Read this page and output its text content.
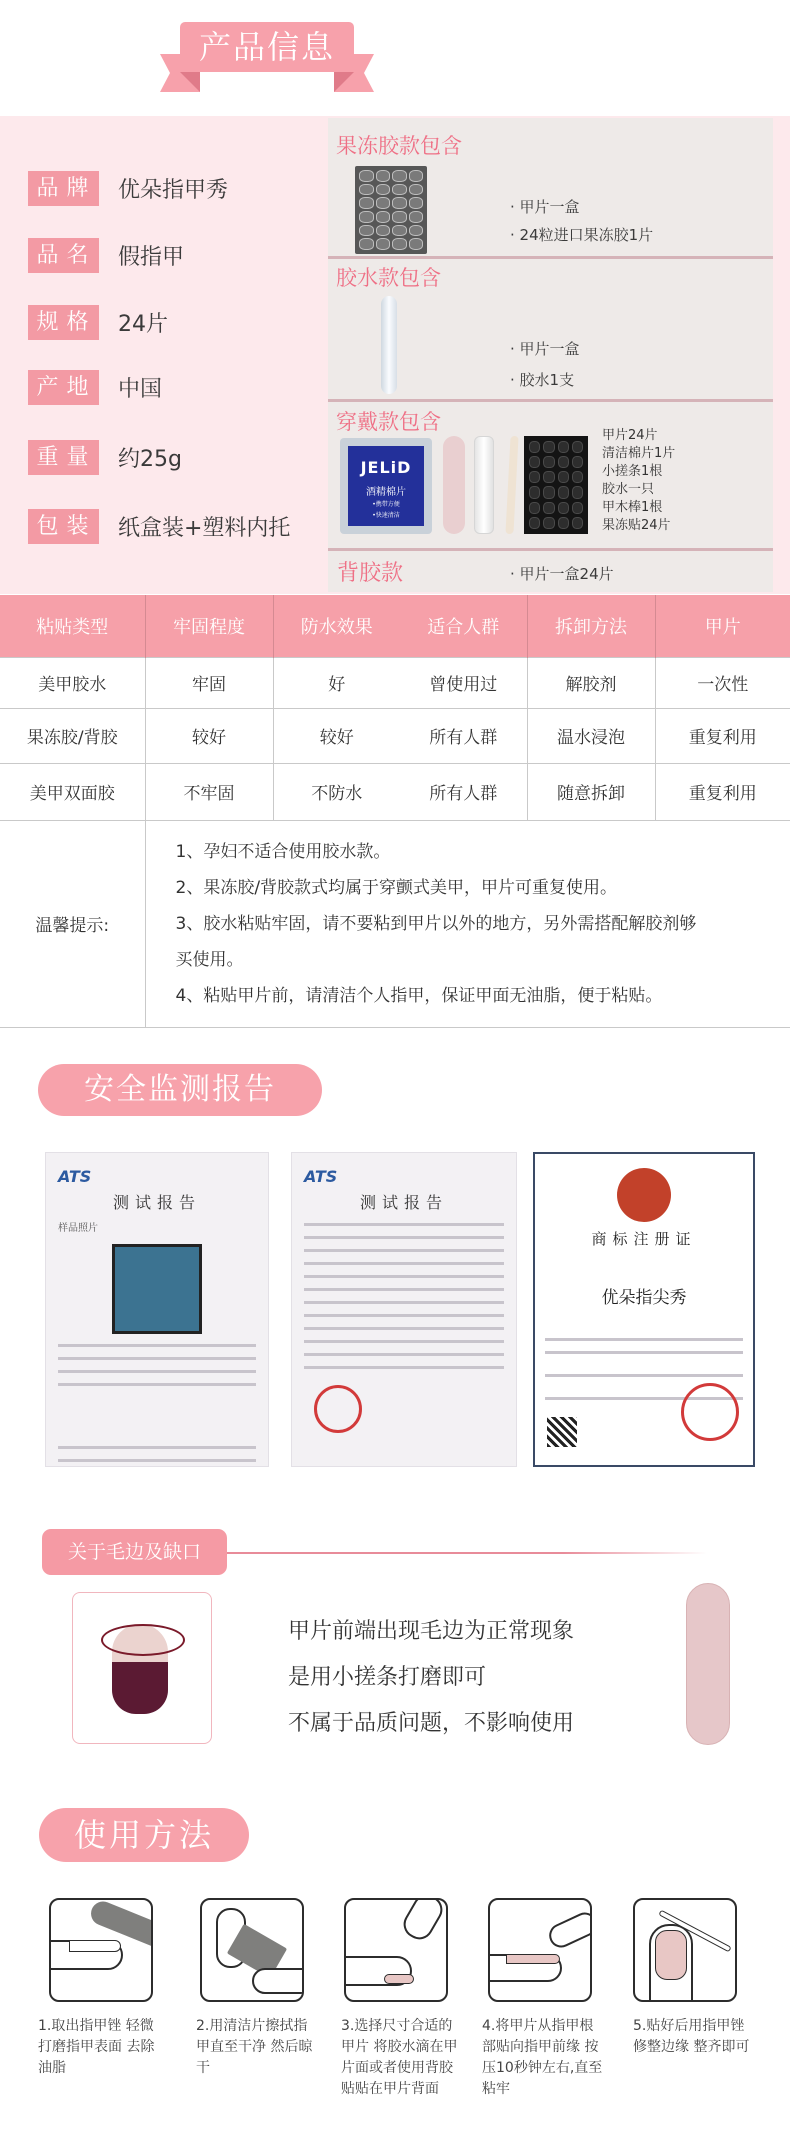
产品信息
品牌 优朵指甲秀
品名 假指甲
规格 24片
产地 中国
重量 约25g
包装 纸盒装+塑料内托
果冻胶款包含
· 甲片一盒
· 24粒进口果冻胶1片
胶水款包含
· 甲片一盒
· 胶水1支
穿戴款包含
JELiD
酒精棉片
•携带方便
•快速清洁
甲片24片
清洁棉片1片
小搓条1根
胶水一只
甲木棒1根
果冻贴24片
背胶款	· 甲片一盒24片
粘贴类型	牢固程度	防水效果	适合人群	拆卸方法	甲片
美甲胶水	牢固	好	曾使用过	解胶剂	一次性
果冻胶/背胶	较好	较好	所有人群	温水浸泡	重复利用
美甲双面胶	不牢固	不防水	所有人群	随意拆卸	重复利用
温馨提示:	1、孕妇不适合使用胶水款。
2、果冻胶/背胶款式均属于穿颤式美甲，甲片可重复使用。
3、胶水粘贴牢固，请不要粘到甲片以外的地方，另外需搭配解胶剂够
买使用。
4、粘贴甲片前，请清洁个人指甲，保证甲面无油脂，便于粘贴。				
安全监测报告
ATS
测试报告
样品照片
ATS
测试报告
商标注册证
优朵指尖秀
关于毛边及缺口
甲片前端出现毛边为正常现象
是用小搓条打磨即可
不属于品质问题，不影响使用
使用方法
1.取出指甲锉 轻微打磨指甲表面 去除油脂
2.用清洁片擦拭指甲直至干净 然后晾干
3.选择尺寸合适的甲片 将胶水滴在甲片面或者使用背胶贴贴在甲片背面
4.将甲片从指甲根部贴向指甲前缘 按压10秒钟左右,直至粘牢
5.贴好后用指甲锉修整边缘 整齐即可
